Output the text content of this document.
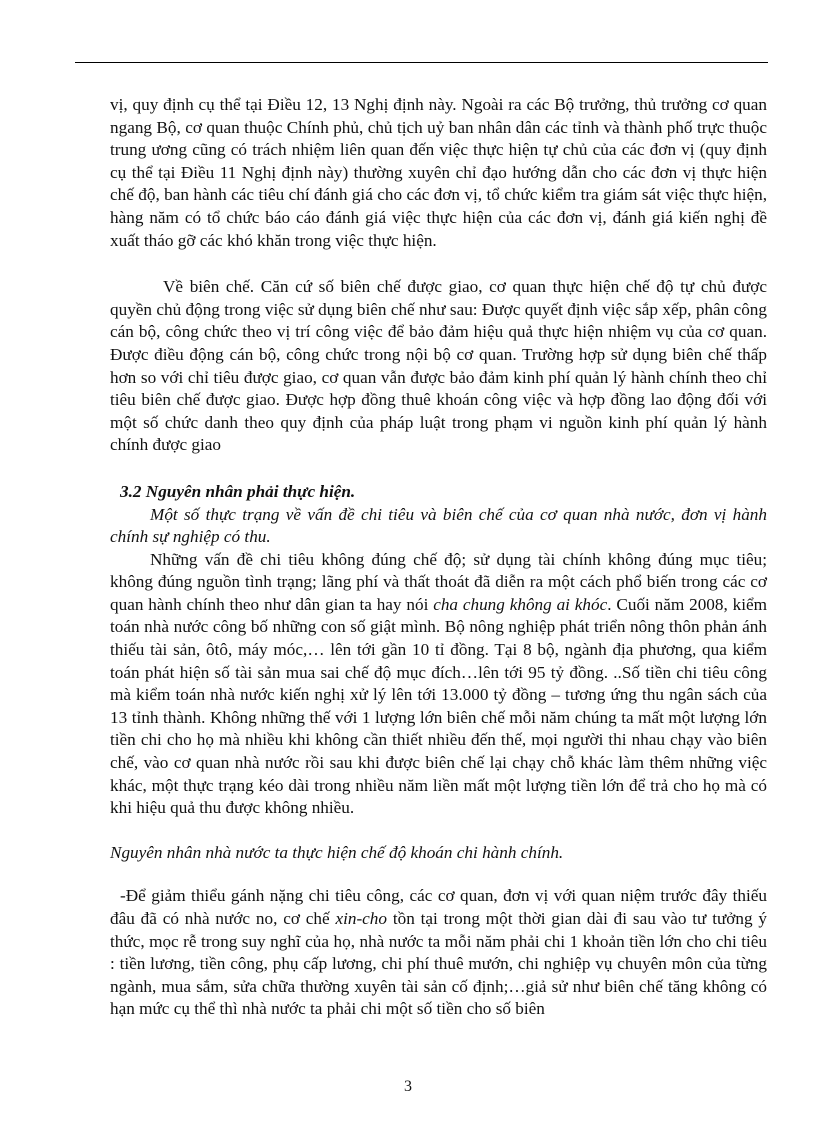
vị, quy định cụ thể tại Điều 12, 13 Nghị định này. Ngoài ra các Bộ trưởng, thủ trưởng cơ quan ngang Bộ, cơ quan thuộc Chính phủ, chủ tịch uỷ ban nhân dân các tỉnh và thành phố trực thuộc trung ương cũng có trách nhiệm liên quan đến việc thực hiện tự chủ của các đơn vị (quy định cụ thể tại Điều 11 Nghị định này) thường xuyên chỉ đạo hướng dẫn cho các đơn vị thực hiện chế độ, ban hành các tiêu chí đánh giá cho các đơn vị, tổ chức kiểm tra giám sát việc thực hiện, hàng năm có tổ chức báo cáo đánh giá việc thực hiện của các đơn vị, đánh giá kiến nghị đề xuất tháo gỡ các khó khăn trong việc thực hiện.

Về biên chế. Căn cứ số biên chế được giao, cơ quan thực hiện chế độ tự chủ được quyền chủ động trong việc sử dụng biên chế như sau: Được quyết định việc sắp xếp, phân công cán bộ, công chức theo vị trí công việc để bảo đảm hiệu quả thực hiện nhiệm vụ của cơ quan. Được điều động cán bộ, công chức trong nội bộ cơ quan. Trường hợp sử dụng biên chế thấp hơn so với chỉ tiêu được giao, cơ quan vẫn được bảo đảm kinh phí quản lý hành chính theo chỉ tiêu biên chế được giao. Được hợp đồng thuê khoán công việc và hợp đồng lao động đối với một số chức danh theo quy định của pháp luật trong phạm vi nguồn kinh phí quản lý hành chính được giao

3.2 Nguyên nhân phải thực hiện.

Một số thực trạng về vấn đề chi tiêu và biên chế của cơ quan nhà nước, đơn vị hành chính sự nghiệp có thu.

Những vấn đề chi tiêu không đúng chế độ; sử dụng tài chính không đúng mục tiêu; không đúng nguồn tình trạng; lãng phí và thất thoát đã diễn ra một cách phổ biến trong các cơ quan hành chính theo như dân gian ta hay nói cha chung không ai khóc. Cuối năm 2008, kiểm toán nhà nước công bố những con số giật mình. Bộ nông nghiệp phát triển nông thôn phản ánh thiếu tài sản, ôtô, máy móc,… lên tới gần 10 tỉ đồng. Tại 8 bộ, ngành địa phương, qua kiểm toán phát hiện số tài sản mua sai chế độ mục đích…lên tới 95 tỷ đồng. ..Số tiền chi tiêu công mà kiểm toán nhà nước kiến nghị xử lý lên tới 13.000 tỷ đồng – tương ứng thu ngân sách của 13 tỉnh thành. Không những thế với 1 lượng lớn biên chế mỗi năm chúng ta mất một lượng lớn tiền chi cho họ mà nhiều khi không cần thiết nhiều đến thế, mọi người thi nhau chạy vào biên chế, vào cơ quan nhà nước rồi sau khi được biên chế lại chạy chỗ khác làm thêm những việc khác, một thực trạng kéo dài trong nhiều năm liền mất một lượng tiền lớn để trả cho họ mà có khi hiệu quả thu được không nhiều.

Nguyên nhân nhà nước ta thực hiện chế độ khoán chi hành chính.

-Để giảm thiểu gánh nặng chi tiêu công, các cơ quan, đơn vị với quan niệm trước đây thiếu đâu đã có nhà nước no, cơ chế xin-cho tồn tại trong một thời gian dài đi sau vào tư tưởng ý thức, mọc rễ trong suy nghĩ của họ, nhà nước ta mỗi năm phải chi 1 khoản tiền lớn cho chi tiêu : tiền lương, tiền công, phụ cấp lương, chi phí thuê mướn, chi nghiệp vụ chuyên môn của từng ngành, mua sắm, sửa chữa thường xuyên tài sản cố định;…giả sử như biên chế tăng không có hạn mức cụ thể thì nhà nước ta phải chi một số tiền cho số biên

3
